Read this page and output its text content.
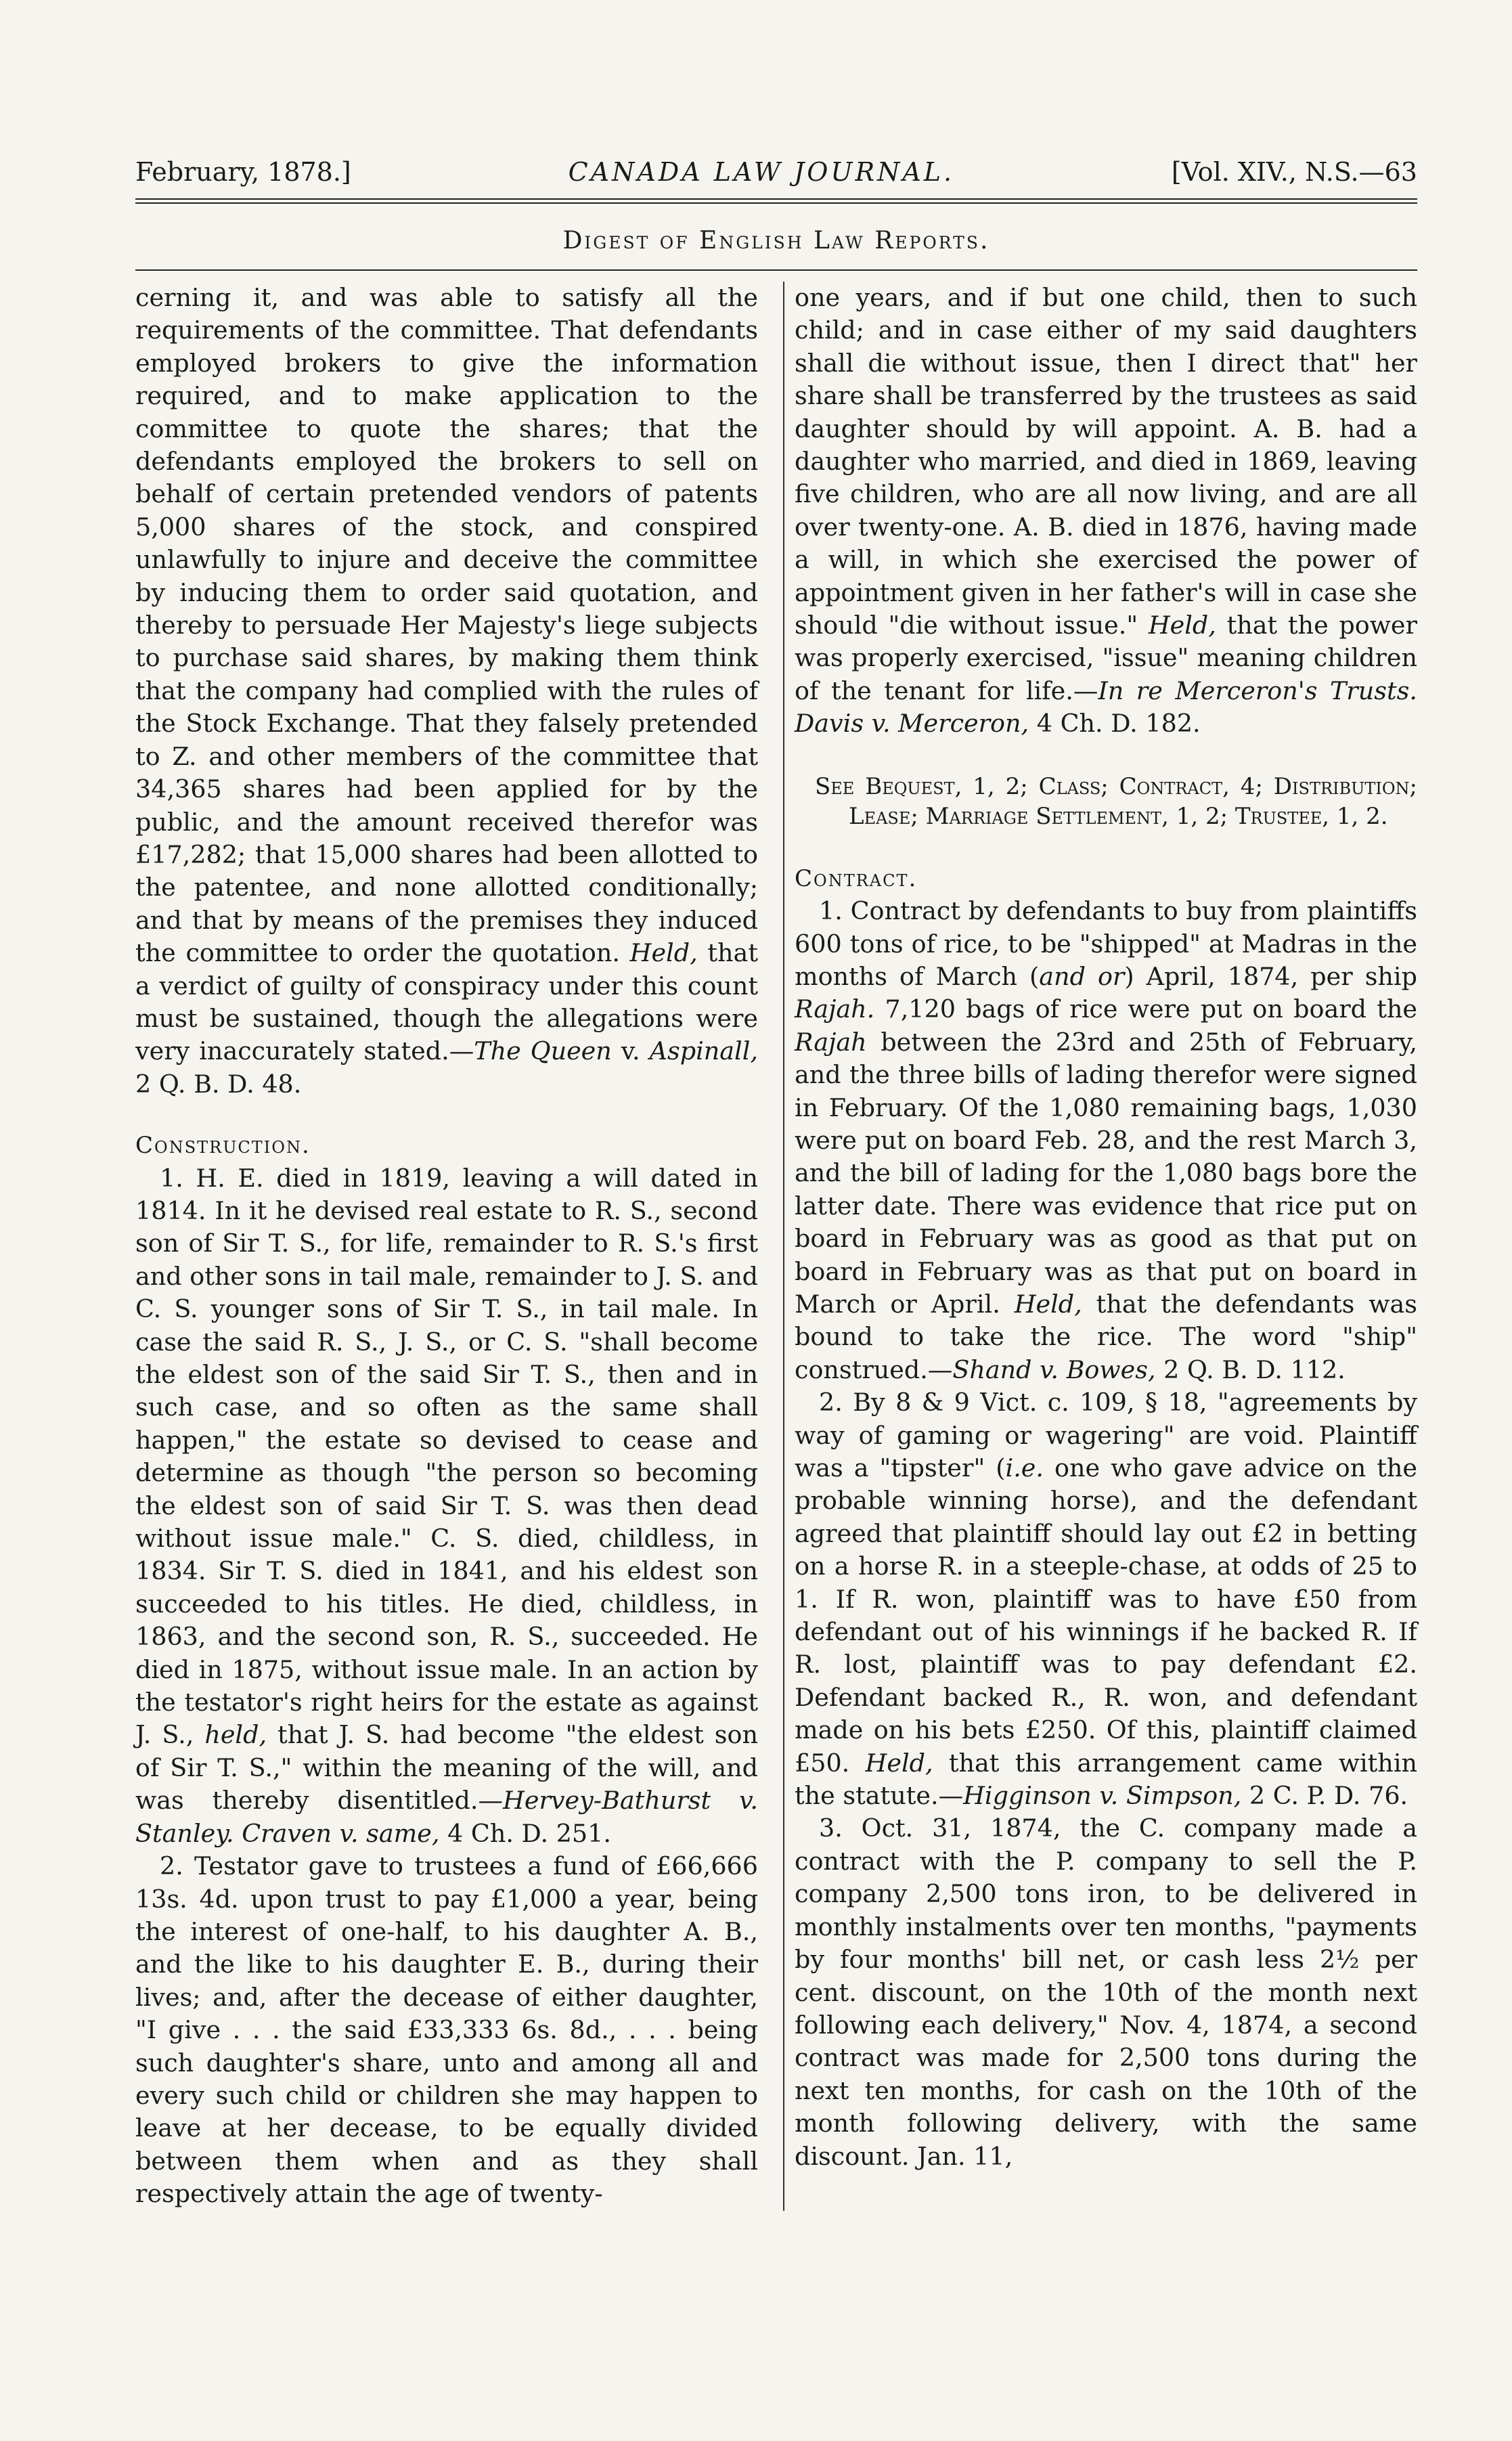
February, 1878.]	CANADA LAW JOURNAL.	[Vol. XIV., N.S.—63
Digest of English Law Reports.

cerning it, and was able to satisfy all the requirements of the committee. That defendants employed brokers to give the information required, and to make application to the committee to quote the shares; that the defendants employed the brokers to sell on behalf of certain pretended vendors of patents 5,000 shares of the stock, and conspired unlawfully to injure and deceive the committee by inducing them to order said quotation, and thereby to persuade Her Majesty's liege subjects to purchase said shares, by making them think that the company had complied with the rules of the Stock Exchange. That they falsely pretended to Z. and other members of the committee that 34,365 shares had been applied for by the public, and the amount received therefor was £17,282; that 15,000 shares had been allotted to the patentee, and none allotted conditionally; and that by means of the premises they induced the committee to order the quotation. Held, that a verdict of guilty of conspiracy under this count must be sustained, though the allegations were very inaccurately stated.—The Queen v. Aspinall, 2 Q. B. D. 48.

Construction.

1. H. E. died in 1819, leaving a will dated in 1814. In it he devised real estate to R. S., second son of Sir T. S., for life, remainder to R. S.'s first and other sons in tail male, remainder to J. S. and C. S. younger sons of Sir T. S., in tail male. In case the said R. S., J. S., or C. S. "shall become the eldest son of the said Sir T. S., then and in such case, and so often as the same shall happen," the estate so devised to cease and determine as though "the person so becoming the eldest son of said Sir T. S. was then dead without issue male." C. S. died, childless, in 1834. Sir T. S. died in 1841, and his eldest son succeeded to his titles. He died, childless, in 1863, and the second son, R. S., succeeded. He died in 1875, without issue male. In an action by the testator's right heirs for the estate as against J. S., held, that J. S. had become "the eldest son of Sir T. S.," within the meaning of the will, and was thereby disentitled.—Hervey-Bathurst v. Stanley. Craven v. same, 4 Ch. D. 251.

2. Testator gave to trustees a fund of £66,666 13s. 4d. upon trust to pay £1,000 a year, being the interest of one-half, to his daughter A. B., and the like to his daughter E. B., during their lives; and, after the decease of either daughter, "I give . . . the said £33,333 6s. 8d., . . . being such daughter's share, unto and among all and every such child or children she may happen to leave at her decease, to be equally divided between them when and as they shall respectively attain the age of twenty-

one years, and if but one child, then to such child; and in case either of my said daughters shall die without issue, then I direct that" her share shall be transferred by the trustees as said daughter should by will appoint. A. B. had a daughter who married, and died in 1869, leaving five children, who are all now living, and are all over twenty-one. A. B. died in 1876, having made a will, in which she exercised the power of appointment given in her father's will in case she should "die without issue." Held, that the power was properly exercised, "issue" meaning children of the tenant for life.—In re Merceron's Trusts. Davis v. Merceron, 4 Ch. D. 182.

See Bequest, 1, 2; Class; Contract, 4; Distribution; Lease; Marriage Settlement, 1, 2; Trustee, 1, 2.

Contract.

1. Contract by defendants to buy from plaintiffs 600 tons of rice, to be "shipped" at Madras in the months of March (and or) April, 1874, per ship Rajah. 7,120 bags of rice were put on board the Rajah between the 23rd and 25th of February, and the three bills of lading therefor were signed in February. Of the 1,080 remaining bags, 1,030 were put on board Feb. 28, and the rest March 3, and the bill of lading for the 1,080 bags bore the latter date. There was evidence that rice put on board in February was as good as that put on board in February was as that put on board in March or April. Held, that the defendants was bound to take the rice. The word "ship" construed.—Shand v. Bowes, 2 Q. B. D. 112.

2. By 8 & 9 Vict. c. 109, § 18, "agreements by way of gaming or wagering" are void. Plaintiff was a "tipster" (i.e. one who gave advice on the probable winning horse), and the defendant agreed that plaintiff should lay out £2 in betting on a horse R. in a steeple-chase, at odds of 25 to 1. If R. won, plaintiff was to have £50 from defendant out of his winnings if he backed R. If R. lost, plaintiff was to pay defendant £2. Defendant backed R., R. won, and defendant made on his bets £250. Of this, plaintiff claimed £50. Held, that this arrangement came within the statute.—Higginson v. Simpson, 2 C. P. D. 76.

3. Oct. 31, 1874, the C. company made a contract with the P. company to sell the P. company 2,500 tons iron, to be delivered in monthly instalments over ten months, "payments by four months' bill net, or cash less 2½ per cent. discount, on the 10th of the month next following each delivery," Nov. 4, 1874, a second contract was made for 2,500 tons during the next ten months, for cash on the 10th of the month following delivery, with the same discount. Jan. 11,
